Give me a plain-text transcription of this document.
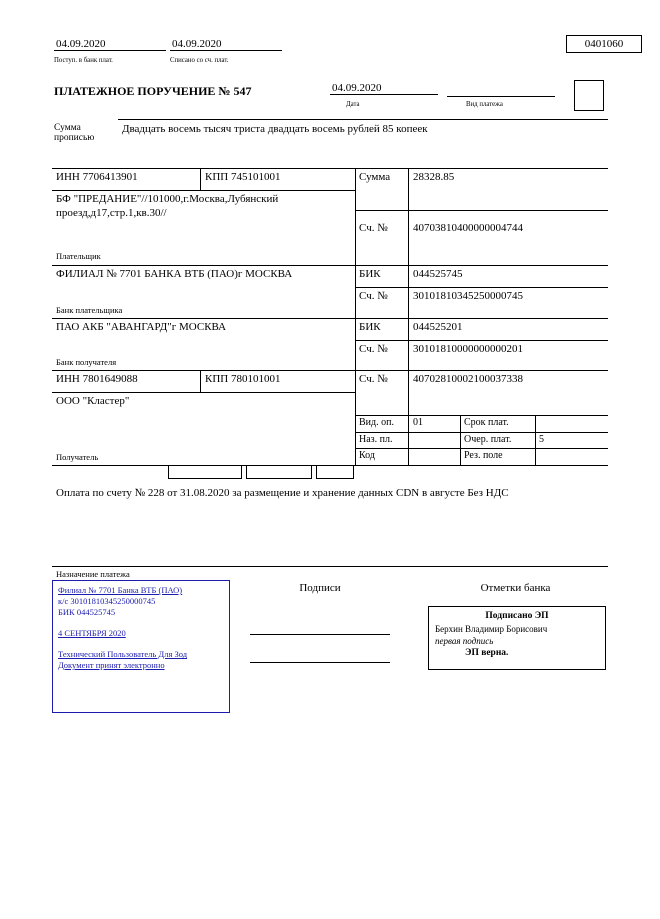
04.09.2020
Поступ. в банк плат.
04.09.2020
Списано со сч. плат.
0401060
ПЛАТЕЖНОЕ ПОРУЧЕНИЕ № 547	04.09.2020
Дата	Вид платежа
Сумма прописью
Двадцать восемь тысяч триста двадцать восемь рублей 85 копеек
ИНН 7706413901	КПП 745101001	Сумма 28328.85
БФ "ПРЕДАНИЕ"//101000,г.Москва,Лубянский проезд,д17,стр.1,кв.30//
Сч. № 40703810400000004744
Плательщик
ФИЛИАЛ № 7701 БАНКА ВТБ (ПАО)г МОСКВА	БИК	044525745
Сч. № 30101810345250000745
Банк плательщика
ПАО АКБ "АВАНГАРД"г МОСКВА	БИК	044525201
Сч. № 30101810000000000201
Банк получателя
ИНН 7801649088	КПП 780101001	Сч. № 40702810002100037338
ООО "Кластер"
Получатель
Вид. оп. 01	Срок плат.
Наз. пл.	Очер. плат.	5
Код	Рез. поле
Оплата по счету № 228 от 31.08.2020 за размещение и хранение данных CDN в августе Без НДС
Назначение платежа
Филиал № 7701 Банка ВТБ (ПАО)
к/с 30101810345250000745
БИК 044525745
4 СЕНТЯБРЯ 2020
Технический Пользователь Для Зод
Документ принят электронно
Подписи	Отметки банка
Подписано ЭП
Берхин Владимир Борисович
первая подпись
ЭП верна.
